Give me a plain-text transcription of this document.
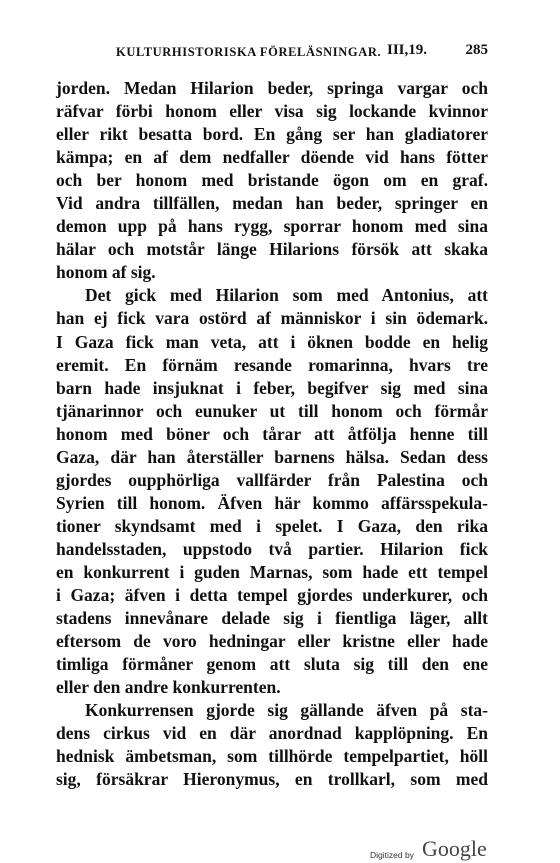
KULTURHISTORISKA FÖRELÄSNINGAR. III,19.	285
jorden. Medan Hilarion beder, springa vargar och
räfvar förbi honom eller visa sig lockande kvinnor
eller rikt besatta bord. En gång ser han gladiatorer
kämpa; en af dem nedfaller döende vid hans fötter
och ber honom med bristande ögon om en graf.
Vid andra tillfällen, medan han beder, springer en
demon upp på hans rygg, sporrar honom med sina
hälar och motstår länge Hilarions försök att skaka
honom af sig.
Det gick med Hilarion som med Antonius, att
han ej fick vara ostörd af människor i sin ödemark.
I Gaza fick man veta, att i öknen bodde en helig
eremit. En förnäm resande romarinna, hvars tre
barn hade insjuknat i feber, begifver sig med sina
tjänarinnor och eunuker ut till honom och förmår
honom med böner och tårar att åtfölja henne till
Gaza, där han återställer barnens hälsa. Sedan dess
gjordes oupphörliga vallfärder från Palestina och
Syrien till honom. Äfven här kommo affärsspekula-
tioner skyndsamt med i spelet. I Gaza, den rika
handelsstaden, uppstodo två partier. Hilarion fick
en konkurrent i guden Marnas, som hade ett tempel
i Gaza; äfven i detta tempel gjordes underkurer, och
stadens innevånare delade sig i fientliga läger, allt
eftersom de voro hedningar eller kristne eller hade
timliga förmåner genom att sluta sig till den ene
eller den andre konkurrenten.
Konkurrensen gjorde sig gällande äfven på sta-
dens cirkus vid en där anordnad kapplöpning. En
hednisk ämbetsman, som tillhörde tempelpartiet, höll
sig, försäkrar Hieronymus, en trollkarl, som med
Digitized by Google
